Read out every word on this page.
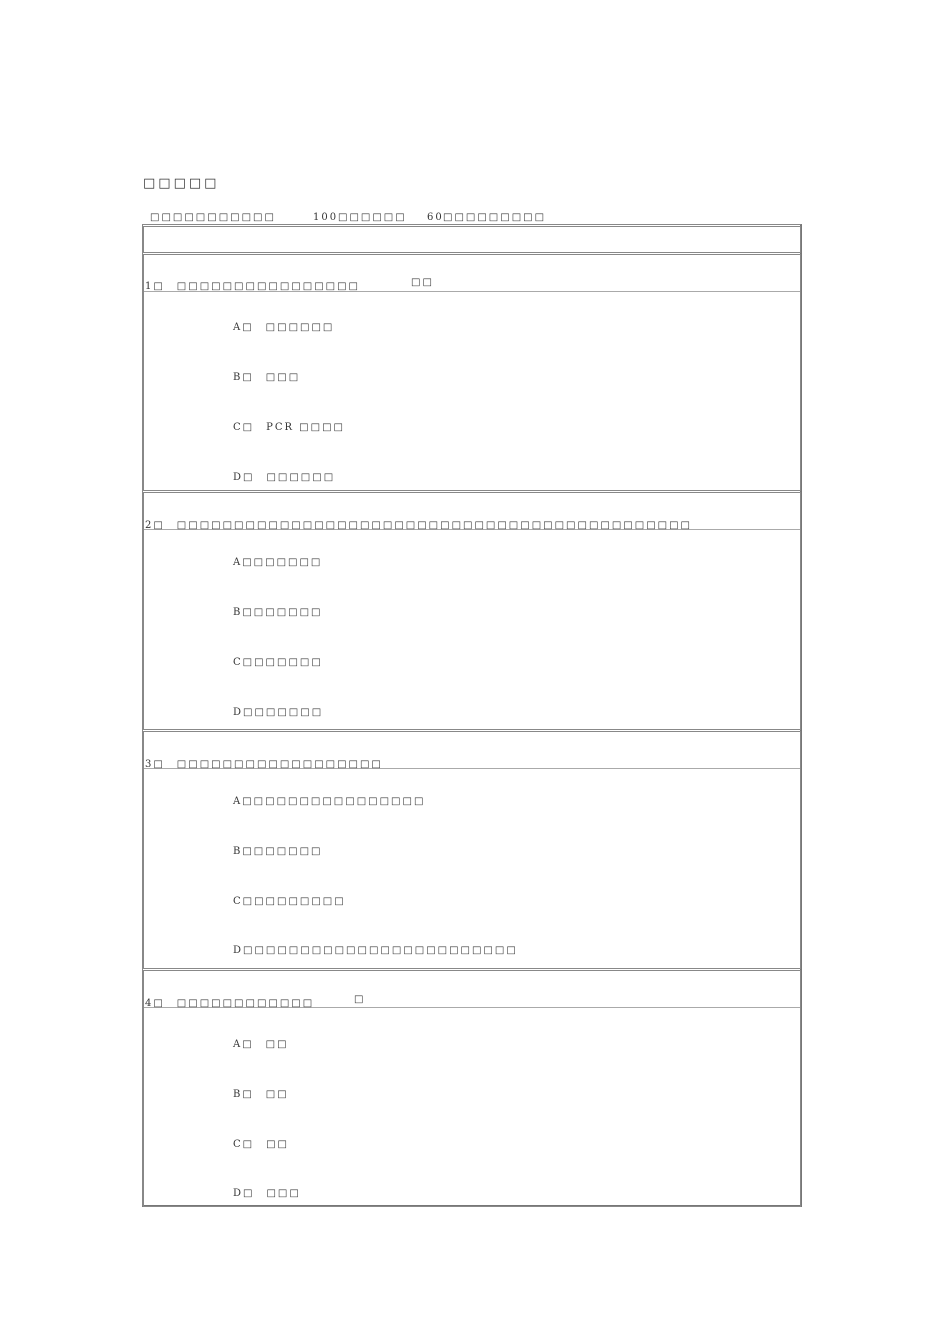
□□□□□
□□□□□□□□□□□	100 □□□□□□ 60 □□□□□□□□□
1□　□□□□□□□□□□□□□□□□	□□
A□　□□□□□□
B□　□□□
C□　PCR □□□□
D□　□□□□□□
2□　□□□□□□□□□□□□□□□□□□□□□□□□□□□□□□□□□□□□□□□□□□□□□
A□□□□□□□
B□□□□□□□
C□□□□□□□
D□□□□□□□
3□　□□□□□□□□□□□□□□□□□□
A□□□□□□□□□□□□□□□□
B□□□□□□□
C□□□□□□□□□
D□□□□□□□□□□□□□□□□□□□□□□□□
4□　□□□□□□□□□□□□	□
A□　□□
B□　□□
C□　□□
D□　□□□
